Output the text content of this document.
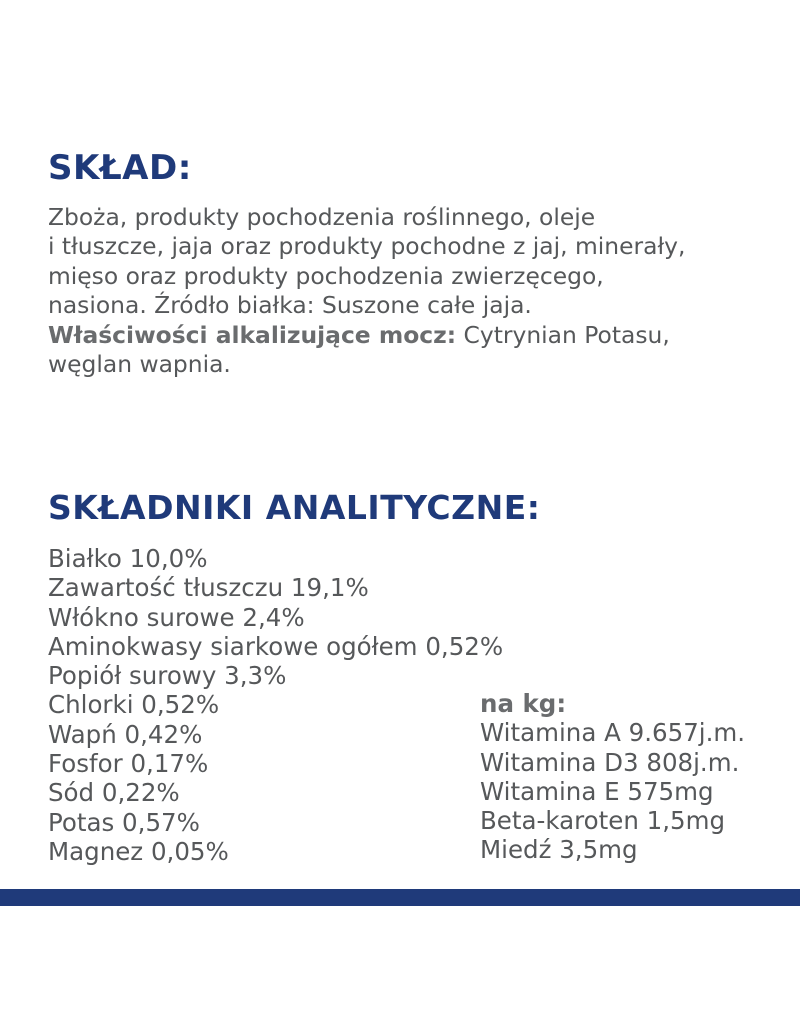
SKŁAD:
Zboża, produkty pochodzenia roślinnego, oleje
i tłuszcze, jaja oraz produkty pochodne z jaj, minerały,
mięso oraz produkty pochodzenia zwierzęcego,
nasiona. Źródło białka: Suszone całe jaja.
Właściwości alkalizujące mocz: Cytrynian Potasu,
węglan wapnia.
SKŁADNIKI ANALITYCZNE:
Białko 10,0%
Zawartość tłuszczu 19,1%
Włókno surowe 2,4%
Aminokwasy siarkowe ogółem 0,52%
Popiół surowy 3,3%
Chlorki 0,52%
Wapń 0,42%
Fosfor 0,17%
Sód 0,22%
Potas 0,57%
Magnez 0,05%
na kg:
Witamina A 9.657j.m.
Witamina D3 808j.m.
Witamina E 575mg
Beta-karoten 1,5mg
Miedź 3,5mg
